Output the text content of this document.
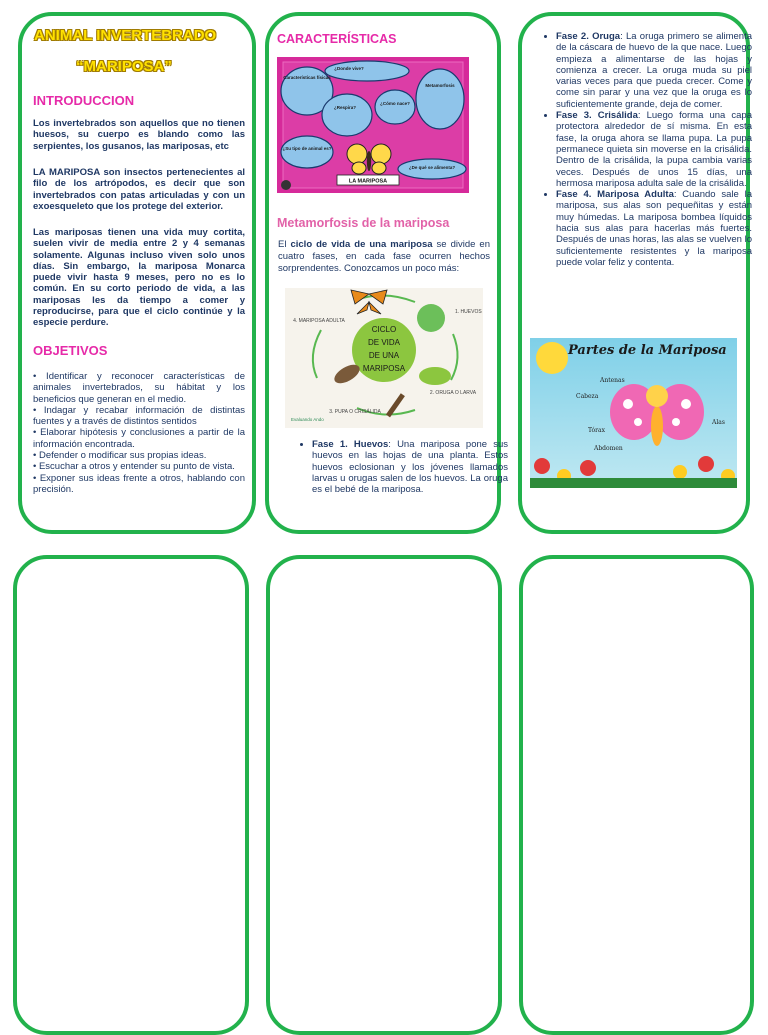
ANIMAL INVERTEBRADO
“MARIPOSA”
INTRODUCCION

Los invertebrados son aquellos que no tienen huesos, su cuerpo es blando como las serpientes, los gusanos, las mariposas, etc

LA MARIPOSA son insectos pertenecientes al filo de los artrópodos, es decir que son invertebrados con patas articuladas y con un exoesqueleto que los protege del exterior.

Las mariposas tienen una vida muy cortita, suelen vivir de media entre 2 y 4 semanas solamente. Algunas incluso viven solo unos días. Sin embargo, la mariposa Monarca puede vivir hasta 9 meses, pero no es lo común. En su corto periodo de vida, a las mariposas les da tiempo a comer y reproducirse, para que el ciclo continúe y la especie perdure.

OBJETIVOS
• Identificar y reconocer características de animales invertebrados, su hábitat y los beneficios que generan en el medio.
• Indagar y recabar información de distintas fuentes y a través de distintos sentidos
• Elaborar hipótesis y conclusiones a partir de la información encontrada.
• Defender o modificar sus propias ideas.
• Escuchar a otros y entender su punto de vista.
• Exponer sus ideas frente a otros, hablando con precisión.
CARACTERÍSTICAS
Características físicas
¿Donde vive?
¿Respira?
¿Cómo nace?
Metamorfosis
¿Su tipo de animal es?
¿De qué se alimenta?
LA MARIPOSA
Metamorfosis de la mariposa

El ciclo de vida de una mariposa se divide en cuatro fases, en cada fase ocurren hechos sorprendentes. Conozcamos un poco más:

CICLO
DE VIDA
DE UNA
MARIPOSA
1. HUEVOS
2. ORUGA O LARVA
3. PUPA O CRISÁLIDA
4. MARIPOSA ADULTA
Evaluando Ando
• Fase 1. Huevos: Una mariposa pone sus huevos en las hojas de una planta. Estos huevos eclosionan y los jóvenes llamados larvas u orugas salen de los huevos. La oruga es el bebé de la mariposa.
• Fase 2. Oruga: La oruga primero se alimenta de la cáscara de huevo de la que nace. Luego empieza a alimentarse de las hojas y comienza a crecer. La oruga muda su piel varias veces para que pueda crecer. Come y come sin parar y una vez que la oruga es lo suficientemente grande, deja de comer.
• Fase 3. Crisálida: Luego forma una capa protectora alrededor de sí misma. En esta fase, la oruga ahora se llama pupa. La pupa permanece quieta sin moverse en la crisálida. Dentro de la crisálida, la pupa cambia varias veces. Después de unos 15 días, una hermosa mariposa adulta sale de la crisálida.
• Fase 4. Mariposa Adulta: Cuando sale la mariposa, sus alas son pequeñitas y están muy húmedas. La mariposa bombea líquidos hacia sus alas para hacerlas más fuertes. Después de unas horas, las alas se vuelven lo suficientemente resistentes y la mariposa puede volar feliz y contenta.
Partes de la Mariposa
Antenas
Cabeza
Tórax
Alas
Abdomen
